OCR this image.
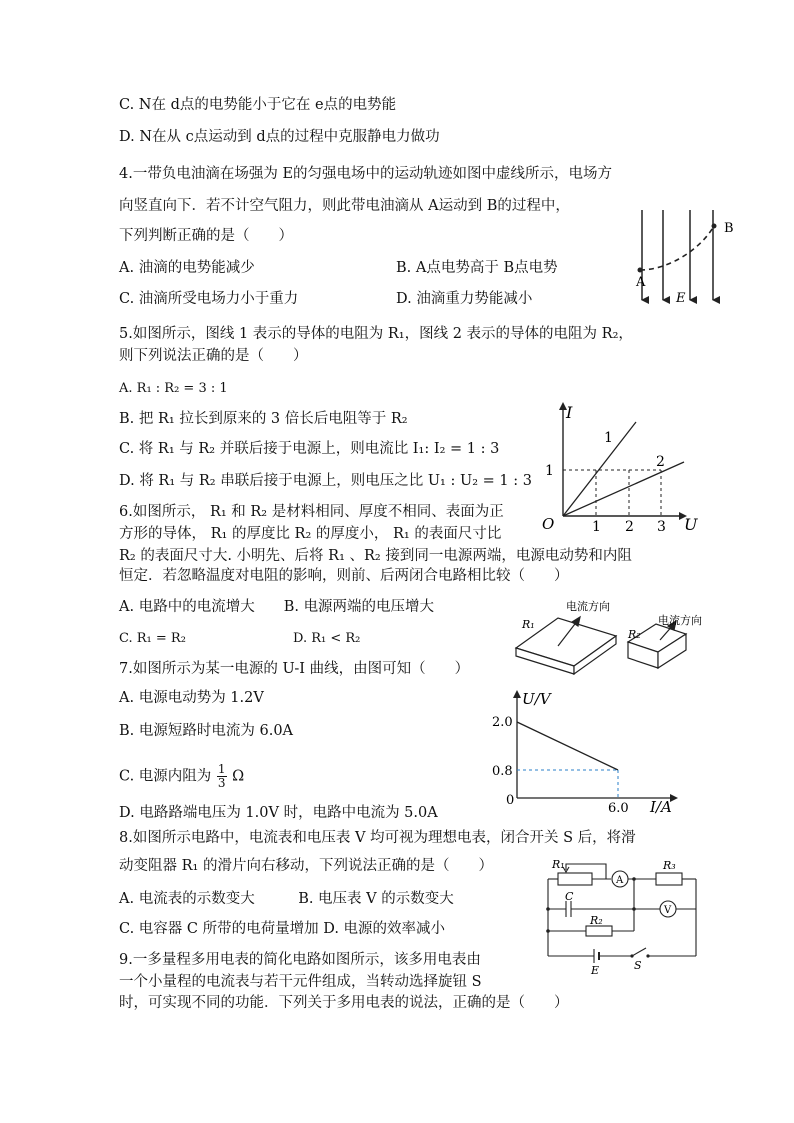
C. N在 d点的电势能小于它在 e点的电势能
D. N在从 c点运动到 d点的过程中克服静电力做功
4.一带负电油滴在场强为 E的匀强电场中的运动轨迹如图中虚线所示，电场方
向竖直向下．若不计空气阻力，则此带电油滴从 A运动到 B的过程中，
下列判断正确的是（　　）
A. 油滴的电势能减少	B. A点电势高于 B点电势
C. 油滴所受电场力小于重力	D. 油滴重力势能减小
A
B
E
5.如图所示，图线 1 表示的导体的电阻为 R₁，图线 2 表示的导体的电阻为 R₂，
则下列说法正确的是（　　）
A. R₁ : R₂ = 3 : 1
B. 把 R₁ 拉长到原来的 3 倍长后电阻等于 R₂
C. 将 R₁ 与 R₂ 并联后接于电源上，则电流比 I₁: I₂ = 1 : 3
D. 将 R₁ 与 R₂ 串联后接于电源上，则电压之比 U₁ : U₂ = 1 : 3
I
U
O
1
1 2 3
1
2
6.如图所示， R₁ 和 R₂ 是材料相同、厚度不相同、表面为正
方形的导体， R₁ 的厚度比 R₂ 的厚度小， R₁ 的表面尺寸比
R₂ 的表面尺寸大. 小明先、后将 R₁ 、R₂ 接到同一电源两端，电源电动势和内阻
恒定．若忽略温度对电阻的影响，则前、后两闭合电路相比较（　　）
A. 电路中的电流增大　　B. 电源两端的电压增大
C. R₁ = R₂	D. R₁ < R₂
R₁
R₂
电流方向
电流方向
7.如图所示为某一电源的 U-I 曲线，由图可知（　　）
A. 电源电动势为 1.2V
B. 电源短路时电流为 6.0A
C. 电源内阻为 $\frac{1}{3}$ Ω
D. 电路路端电压为 1.0V 时，电路中电流为 5.0A
U/V
I/A
0
2.0
0.8
6.0
8.如图所示电路中，电流表和电压表 V 均可视为理想电表，闭合开关 S 后，将滑
动变阻器 R₁ 的滑片向右移动，下列说法正确的是（　　）
A. 电流表的示数变大　　　B. 电压表 V 的示数变大
C. 电容器 C 所带的电荷量增加 D. 电源的效率减小
R₁	R₃
A
V
C
R₂
E	S
9.一多量程多用电表的简化电路如图所示，该多用电表由
一个小量程的电流表与若干元件组成，当转动选择旋钮 S
时，可实现不同的功能．下列关于多用电表的说法，正确的是（　　）
